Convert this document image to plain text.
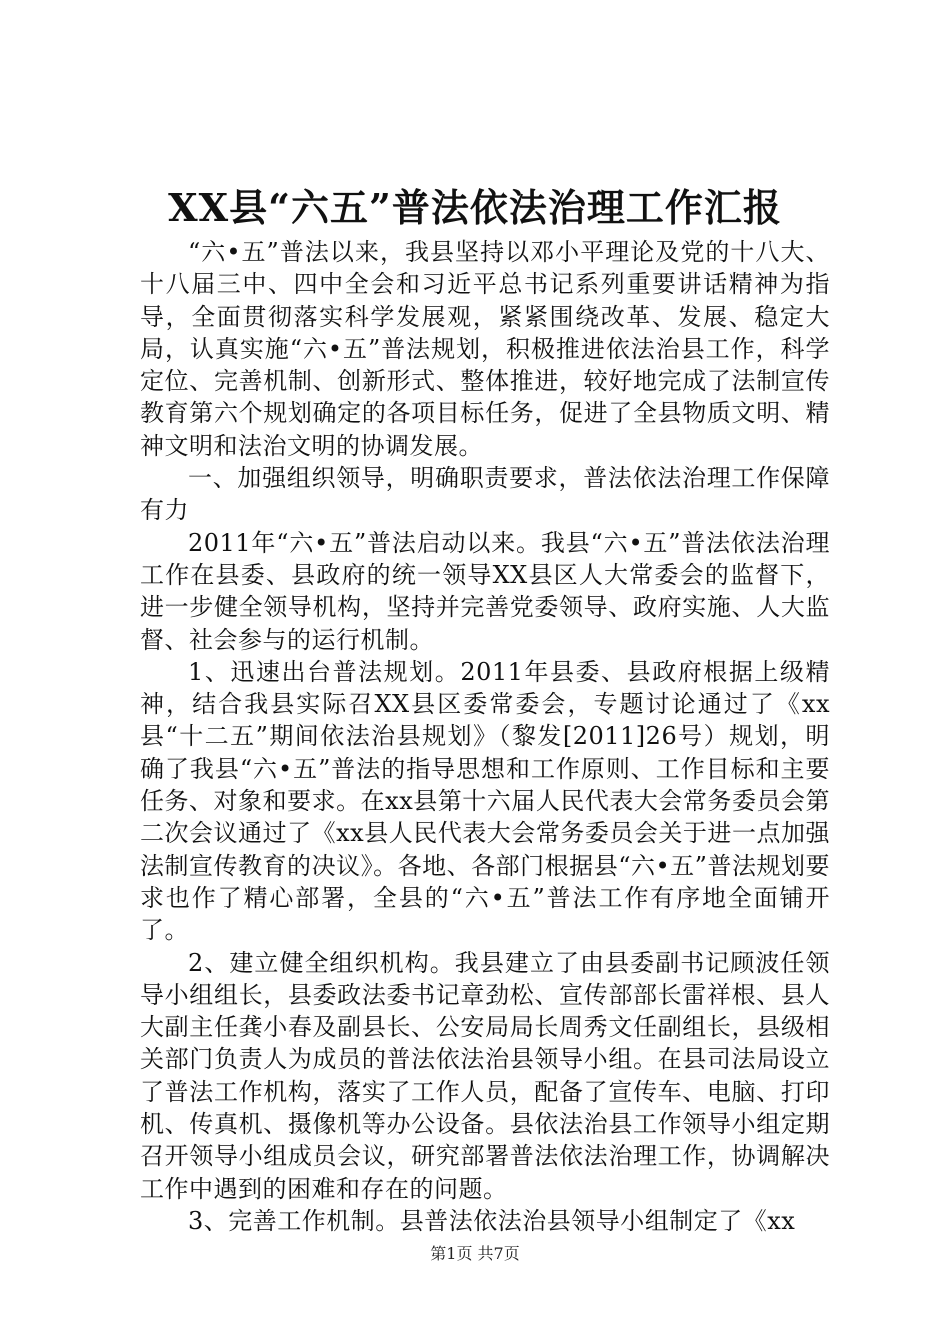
XX县“六五”普法依法治理工作汇报

“六•五”普法以来，我县坚持以邓小平理论及党的十八大、十八届三中、四中全会和习近平总书记系列重要讲话精神为指导，全面贯彻落实科学发展观，紧紧围绕改革、发展、稳定大局，认真实施“六•五”普法规划，积极推进依法治县工作，科学定位、完善机制、创新形式、整体推进，较好地完成了法制宣传教育第六个规划确定的各项目标任务，促进了全县物质文明、精神文明和法治文明的协调发展。

一、加强组织领导，明确职责要求，普法依法治理工作保障有力

2011年“六•五”普法启动以来。我县“六•五”普法依法治理工作在县委、县政府的统一领导XX县区人大常委会的监督下，进一步健全领导机构，坚持并完善党委领导、政府实施、人大监督、社会参与的运行机制。

1、迅速出台普法规划。2011年县委、县政府根据上级精神，结合我县实际召XX县区委常委会，专题讨论通过了《xx县“十二五”期间依法治县规划》（黎发[2011]26号）规划，明确了我县“六•五”普法的指导思想和工作原则、工作目标和主要任务、对象和要求。在xx县第十六届人民代表大会常务委员会第二次会议通过了《xx县人民代表大会常务委员会关于进一点加强法制宣传教育的决议》。各地、各部门根据县“六•五”普法规划要求也作了精心部署，全县的“六•五”普法工作有序地全面铺开了。

2、建立健全组织机构。我县建立了由县委副书记顾波任领导小组组长，县委政法委书记章劲松、宣传部部长雷祥根、县人大副主任龚小春及副县长、公安局局长周秀文任副组长，县级相关部门负责人为成员的普法依法治县领导小组。在县司法局设立了普法工作机构，落实了工作人员，配备了宣传车、电脑、打印机、传真机、摄像机等办公设备。县依法治县工作领导小组定期召开领导小组成员会议，研究部署普法依法治理工作，协调解决工作中遇到的困难和存在的问题。

3、完善工作机制。县普法依法治县领导小组制定了《xx

第1页 共7页
